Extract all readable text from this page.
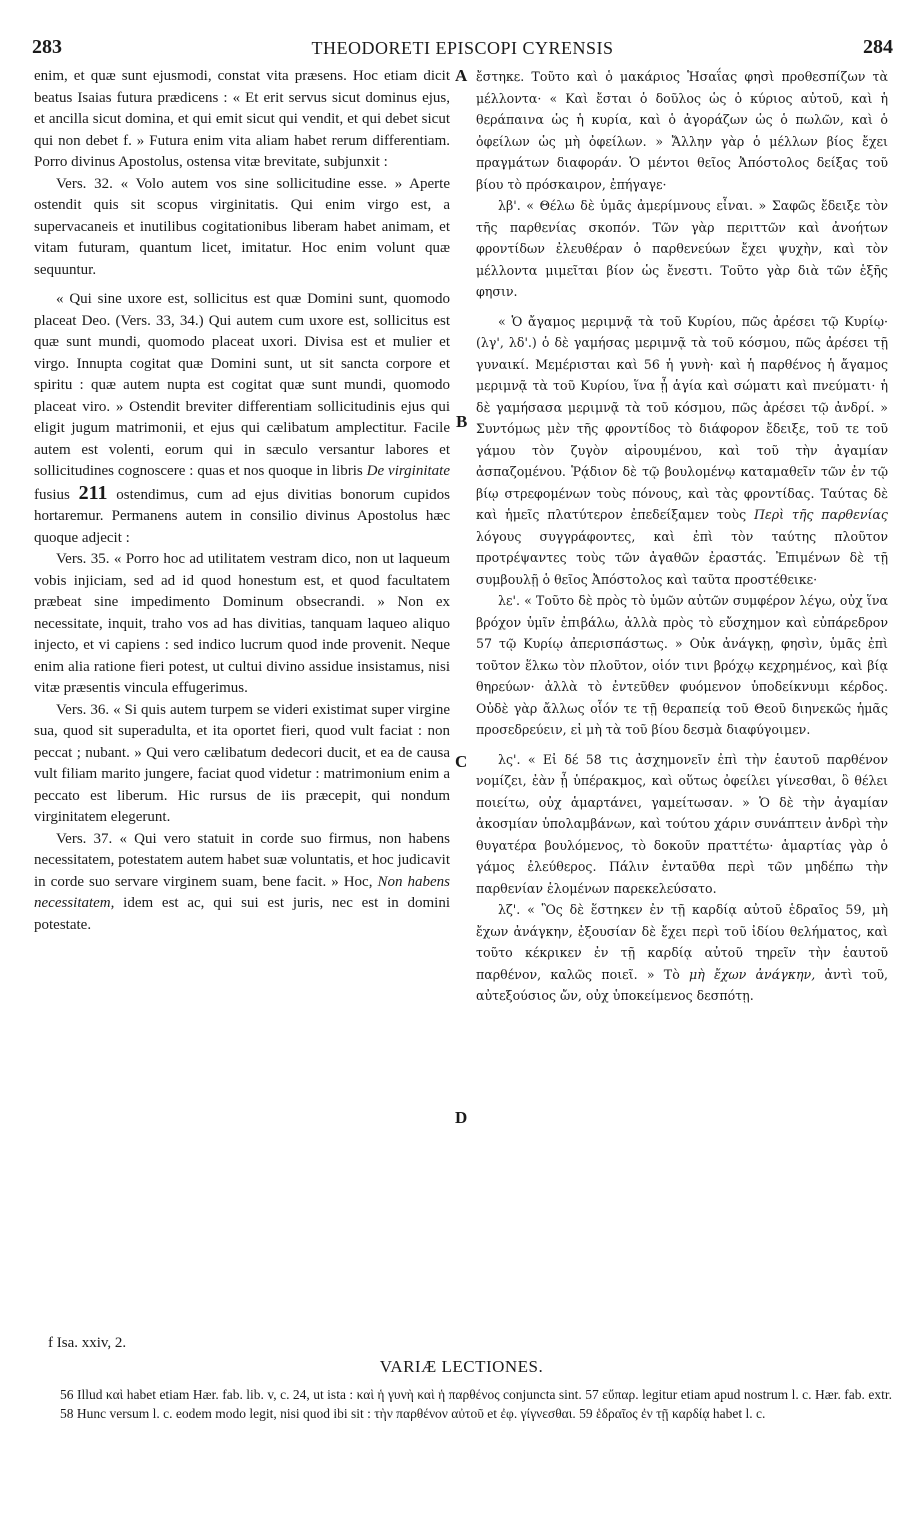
283	THEODORETI EPISCOPI CYRENSIS	284
A
B
C
D

enim, et quæ sunt ejusmodi, constat vita præsens. Hoc etiam dicit beatus Isaias futura prædicens : « Et erit servus sicut dominus ejus, et ancilla sicut domina, et qui emit sicut qui vendit, et qui debet sicut qui non debet f. » Futura enim vita aliam habet rerum differentiam. Porro divinus Apostolus, ostensa vitæ brevitate, subjunxit :

Vers. 32. « Volo autem vos sine sollicitudine esse. » Aperte ostendit quis sit scopus virginitatis. Qui enim virgo est, a supervacaneis et inutilibus cogitationibus liberam habet animam, et vitam futuram, quantum licet, imitatur. Hoc enim volunt quæ sequuntur.

« Qui sine uxore est, sollicitus est quæ Domini sunt, quomodo placeat Deo. (Vers. 33, 34.) Qui autem cum uxore est, sollicitus est quæ sunt mundi, quomodo placeat uxori. Divisa est et mulier et virgo. Innupta cogitat quæ Domini sunt, ut sit sancta corpore et spiritu : quæ autem nupta est cogitat quæ sunt mundi, quomodo placeat viro. » Ostendit breviter differentiam sollicitudinis ejus qui eligit jugum matrimonii, et ejus qui cælibatum amplectitur. Facile autem est volenti, eorum qui in sæculo versantur labores et sollicitudines cognoscere : quas et nos quoque in libris De virginitate fusius 211 ostendimus, cum ad ejus divitias bonorum cupidos hortaremur. Permanens autem in consilio divinus Apostolus hæc quoque adjecit :

Vers. 35. « Porro hoc ad utilitatem vestram dico, non ut laqueum vobis injiciam, sed ad id quod honestum est, et quod facultatem præbeat sine impedimento Dominum obsecrandi. » Non ex necessitate, inquit, traho vos ad has divitias, tanquam laqueo aliquo injecto, et vi capiens : sed indico lucrum quod inde provenit. Neque enim alia ratione fieri potest, ut cultui divino assidue insistamus, nisi vitæ præsentis vincula effugerimus.

Vers. 36. « Si quis autem turpem se videri existimat super virgine sua, quod sit superadulta, et ita oportet fieri, quod vult faciat : non peccat ; nubant. » Qui vero cælibatum dedecori ducit, et ea de causa vult filiam marito jungere, faciat quod videtur : matrimonium enim a peccato est liberum. Hic rursus de iis præcepit, qui nondum virginitatem elegerunt.

Vers. 37. « Qui vero statuit in corde suo firmus, non habens necessitatem, potestatem autem habet suæ voluntatis, et hoc judicavit in corde suo servare virginem suam, bene facit. » Hoc, Non habens necessitatem, idem est ac, qui sui est juris, nec est in domini potestate.

ἔστηκε. Τοῦτο καὶ ὁ μακάριος Ἡσαΐας φησὶ προθεσπίζων τὰ μέλλοντα· « Καὶ ἔσται ὁ δοῦλος ὡς ὁ κύριος αὐτοῦ, καὶ ἡ θεράπαινα ὡς ἡ κυρία, καὶ ὁ ἀγοράζων ὡς ὁ πωλῶν, καὶ ὁ ὀφείλων ὡς μὴ ὀφείλων. » Ἄλλην γὰρ ὁ μέλλων βίος ἔχει πραγμάτων διαφοράν. Ὁ μέντοι θεῖος Ἀπόστολος δείξας τοῦ βίου τὸ πρόσκαιρον, ἐπήγαγε·

λβ'. « Θέλω δὲ ὑμᾶς ἀμερίμνους εἶναι. » Σαφῶς ἔδειξε τὸν τῆς παρθενίας σκοπόν. Τῶν γὰρ περιττῶν καὶ ἀνοήτων φροντίδων ἐλευθέραν ὁ παρθενεύων ἔχει ψυχὴν, καὶ τὸν μέλλοντα μιμεῖται βίον ὡς ἔνεστι. Τοῦτο γὰρ διὰ τῶν ἑξῆς φησιν.

« Ὁ ἄγαμος μεριμνᾷ τὰ τοῦ Κυρίου, πῶς ἀρέσει τῷ Κυρίῳ· (λγ', λδ'.) ὁ δὲ γαμήσας μεριμνᾷ τὰ τοῦ κόσμου, πῶς ἀρέσει τῇ γυναικί. Μεμέρισται καὶ 56 ἡ γυνὴ· καὶ ἡ παρθένος ἡ ἄγαμος μεριμνᾷ τὰ τοῦ Κυρίου, ἵνα ᾖ ἁγία καὶ σώματι καὶ πνεύματι· ἡ δὲ γαμήσασα μεριμνᾷ τὰ τοῦ κόσμου, πῶς ἀρέσει τῷ ἀνδρί. » Συντόμως μὲν τῆς φροντίδος τὸ διάφορον ἔδειξε, τοῦ τε τοῦ γάμου τὸν ζυγὸν αἱρουμένου, καὶ τοῦ τὴν ἀγαμίαν ἀσπαζομένου. Ῥᾴδιον δὲ τῷ βουλομένῳ καταμαθεῖν τῶν ἐν τῷ βίῳ στρεφομένων τοὺς πόνους, καὶ τὰς φροντίδας. Ταύτας δὲ καὶ ἡμεῖς πλατύτερον ἐπεδείξαμεν τοὺς Περὶ τῆς παρθενίας λόγους συγγράφοντες, καὶ ἐπὶ τὸν ταύτης πλοῦτον προτρέψαντες τοὺς τῶν ἀγαθῶν ἐραστάς. Ἐπιμένων δὲ τῇ συμβουλῇ ὁ θεῖος Ἀπόστολος καὶ ταῦτα προστέθεικε·

λε'. « Τοῦτο δὲ πρὸς τὸ ὑμῶν αὐτῶν συμφέρον λέγω, οὐχ ἵνα βρόχον ὑμῖν ἐπιβάλω, ἀλλὰ πρὸς τὸ εὔσχημον καὶ εὐπάρεδρον 57 τῷ Κυρίῳ ἀπερισπάστως. » Οὐκ ἀνάγκῃ, φησὶν, ὑμᾶς ἐπὶ τοῦτον ἕλκω τὸν πλοῦτον, οἱόν τινι βρόχῳ κεχρημένος, καὶ βίᾳ θηρεύων· ἀλλὰ τὸ ἐντεῦθεν φυόμενον ὑποδείκνυμι κέρδος. Οὐδὲ γὰρ ἄλλως οἷόν τε τῇ θεραπείᾳ τοῦ Θεοῦ διηνεκῶς ἡμᾶς προσεδρεύειν, εἰ μὴ τὰ τοῦ βίου δεσμὰ διαφύγοιμεν.

λς'. « Εἰ δέ 58 τις ἀσχημονεῖν ἐπὶ τὴν ἑαυτοῦ παρθένον νομίζει, ἐὰν ᾖ ὑπέρακμος, καὶ οὕτως ὀφείλει γίνεσθαι, ὃ θέλει ποιείτω, οὐχ ἁμαρτάνει, γαμείτωσαν. » Ὁ δὲ τὴν ἀγαμίαν ἀκοσμίαν ὑπολαμβάνων, καὶ τούτου χάριν συνάπτειν ἀνδρὶ τὴν θυγατέρα βουλόμενος, τὸ δοκοῦν πραττέτω· ἁμαρτίας γὰρ ὁ γάμος ἐλεύθερος. Πάλιν ἐνταῦθα περὶ τῶν μηδέπω τὴν παρθενίαν ἑλομένων παρεκελεύσατο.

λζ'. « Ὃς δὲ ἕστηκεν ἐν τῇ καρδίᾳ αὐτοῦ ἑδραῖος 59, μὴ ἔχων ἀνάγκην, ἐξουσίαν δὲ ἔχει περὶ τοῦ ἰδίου θελήματος, καὶ τοῦτο κέκρικεν ἐν τῇ καρδίᾳ αὐτοῦ τηρεῖν τὴν ἑαυτοῦ παρθένον, καλῶς ποιεῖ. » Τὸ μὴ ἔχων ἀνάγκην, ἀντὶ τοῦ, αὐτεξούσιος ὤν, οὐχ ὑποκείμενος δεσπότῃ.

f Isa. xxiv, 2.
VARIÆ LECTIONES.
56 Illud καὶ habet etiam Hær. fab. lib. v, c. 24, ut ista : καὶ ἡ γυνὴ καὶ ἡ παρθένος conjuncta sint. 57 εὔπαρ. legitur etiam apud nostrum l. c. Hær. fab. extr. 58 Hunc versum l. c. eodem modo legit, nisi quod ibi sit : τὴν παρθένον αὐτοῦ et ἐφ. γίγνεσθαι. 59 ἑδραῖος ἐν τῇ καρδίᾳ habet l. c.
